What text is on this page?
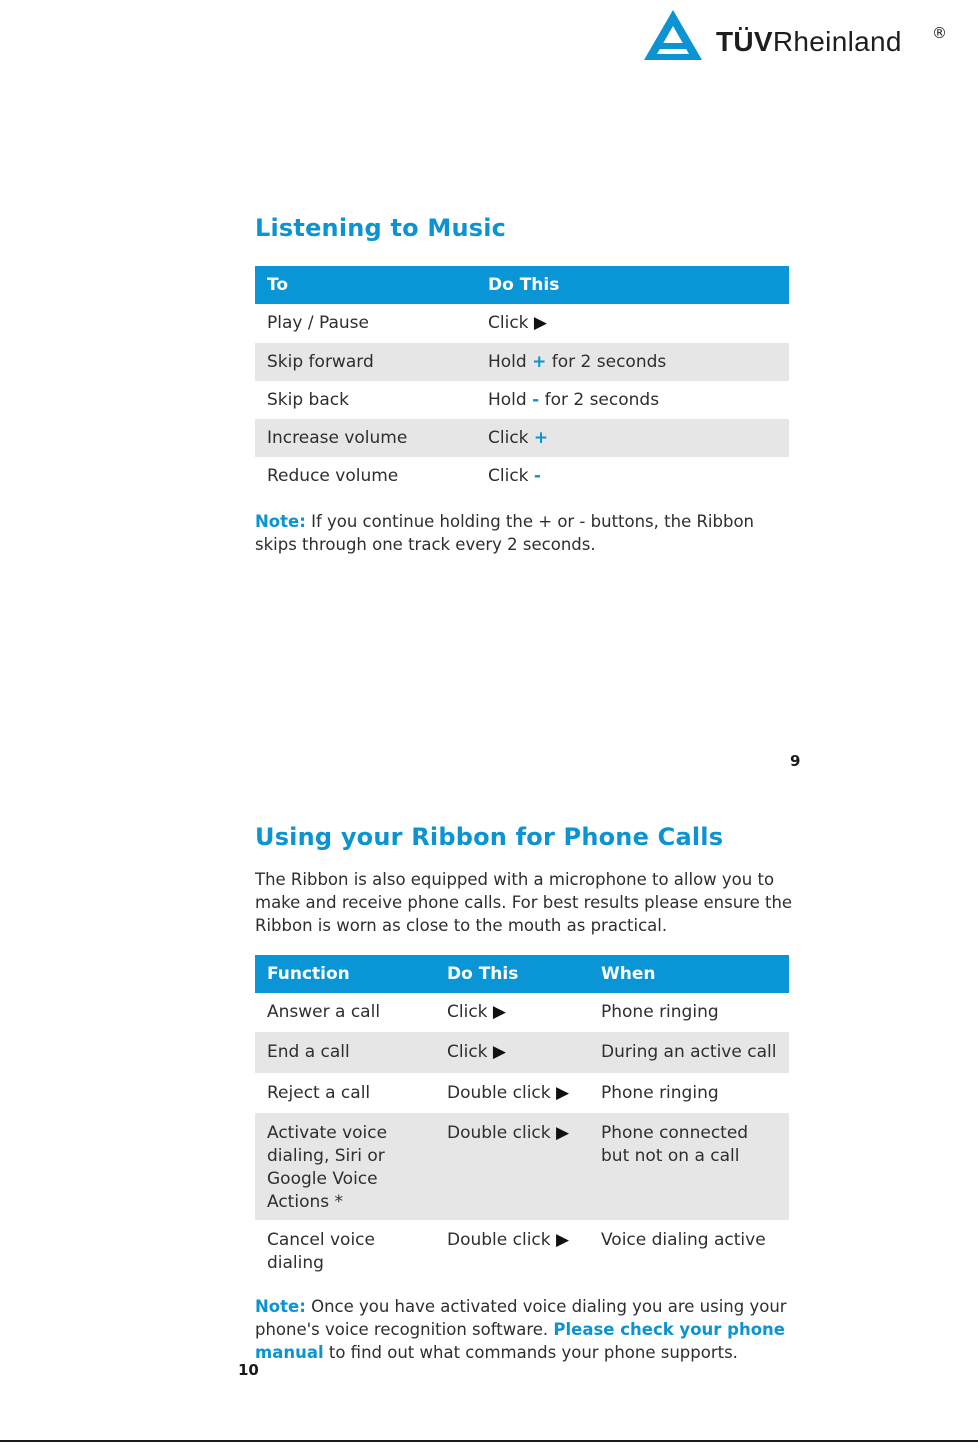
TÜVRheinland ®
Listening to Music
To	Do This
Play / Pause	Click ▶
Skip forward	Hold + for 2 seconds
Skip back	Hold - for 2 seconds
Increase volume	Click +
Reduce volume	Click -

Note: If you continue holding the + or - buttons, the Ribbon skips through one track every 2 seconds.

9
Using your Ribbon for Phone Calls

The Ribbon is also equipped with a microphone to allow you to make and receive phone calls. For best results please ensure the Ribbon is worn as close to the mouth as practical.

Function	Do This	When
Answer a call	Click ▶	Phone ringing
End a call	Click ▶	During an active call
Reject a call	Double click ▶	Phone ringing
Activate voice dialing, Siri or Google Voice Actions *	Double click ▶	Phone connected but not on a call
Cancel voice dialing	Double click ▶	Voice dialing active

Note: Once you have activated voice dialing you are using your phone's voice recognition software. Please check your phone manual to find out what commands your phone supports.

10
